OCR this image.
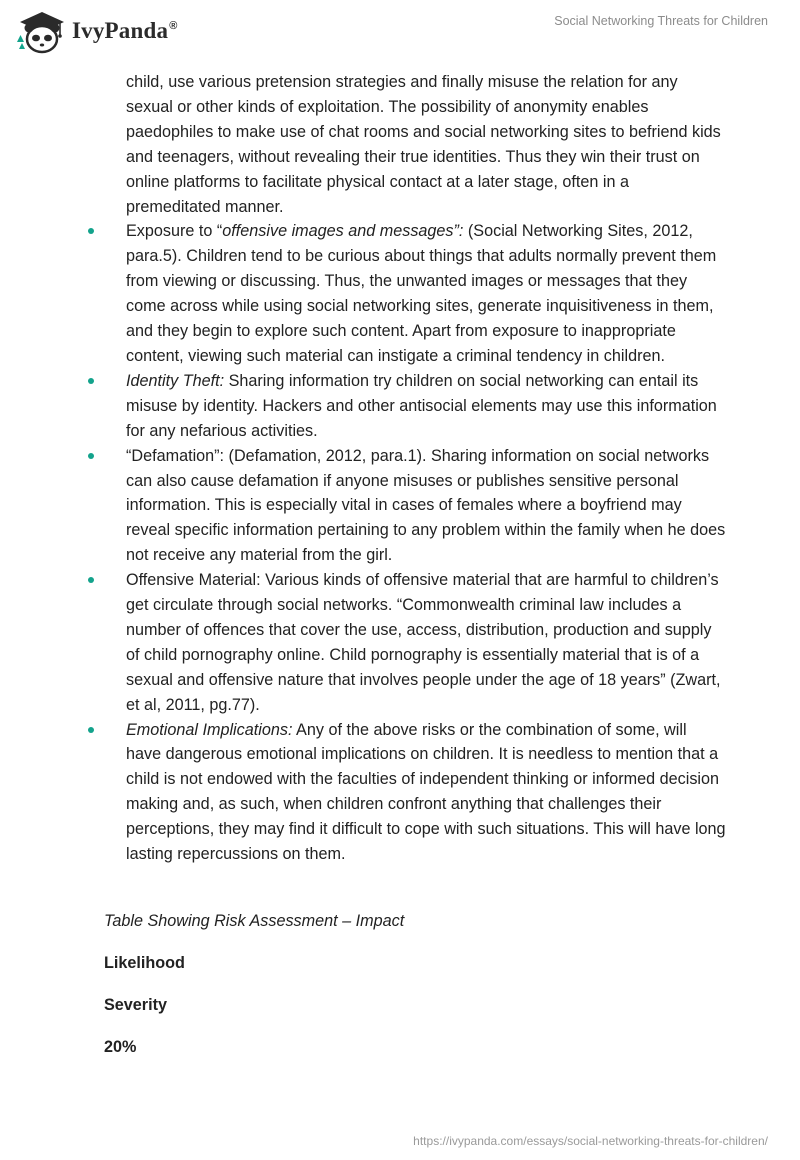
IvyPanda®	Social Networking Threats for Children

child, use various pretension strategies and finally misuse the relation for any sexual or other kinds of exploitation. The possibility of anonymity enables paedophiles to make use of chat rooms and social networking sites to befriend kids and teenagers, without revealing their true identities. Thus they win their trust on online platforms to facilitate physical contact at a later stage, often in a premeditated manner.

Exposure to “offensive images and messages”: (Social Networking Sites, 2012, para.5). Children tend to be curious about things that adults normally prevent them from viewing or discussing. Thus, the unwanted images or messages that they come across while using social networking sites, generate inquisitiveness in them, and they begin to explore such content. Apart from exposure to inappropriate content, viewing such material can instigate a criminal tendency in children.
Identity Theft: Sharing information try children on social networking can entail its misuse by identity. Hackers and other antisocial elements may use this information for any nefarious activities.
“Defamation”: (Defamation, 2012, para.1). Sharing information on social networks can also cause defamation if anyone misuses or publishes sensitive personal information. This is especially vital in cases of females where a boyfriend may reveal specific information pertaining to any problem within the family when he does not receive any material from the girl.
Offensive Material: Various kinds of offensive material that are harmful to children’s get circulate through social networks. “Commonwealth criminal law includes a number of offences that cover the use, access, distribution, production and supply of child pornography online. Child pornography is essentially material that is of a sexual and offensive nature that involves people under the age of 18 years” (Zwart, et al, 2011, pg.77).
Emotional Implications: Any of the above risks or the combination of some, will have dangerous emotional implications on children. It is needless to mention that a child is not endowed with the faculties of independent thinking or informed decision making and, as such, when children confront anything that challenges their perceptions, they may find it difficult to cope with such situations. This will have long lasting repercussions on them.
Table Showing Risk Assessment – Impact
Likelihood
Severity
20%
https://ivypanda.com/essays/social-networking-threats-for-children/
